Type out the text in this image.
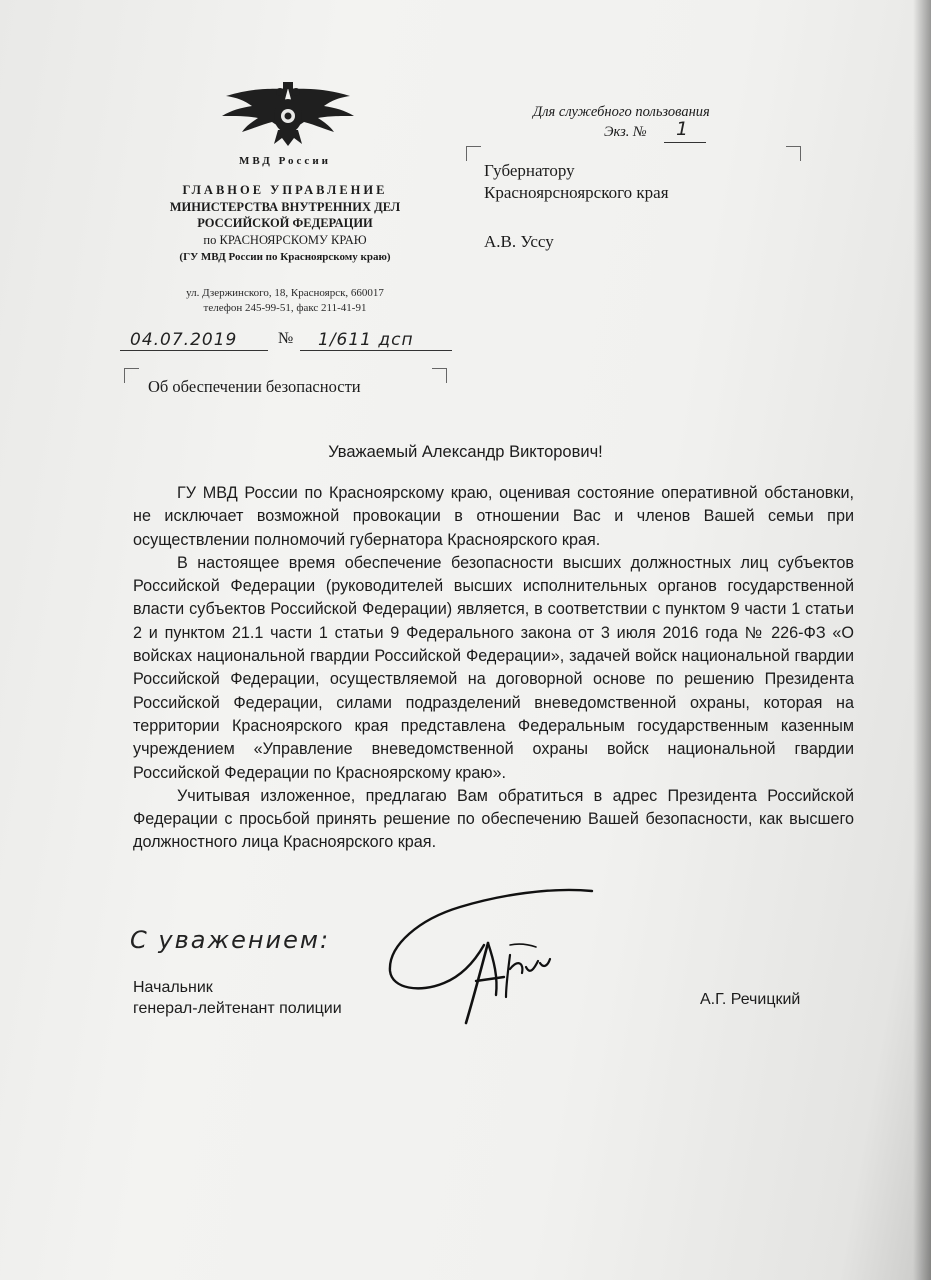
МВД России
ГЛАВНОЕ УПРАВЛЕНИЕ
МИНИСТЕРСТВА ВНУТРЕННИХ ДЕЛ
РОССИЙСКОЙ ФЕДЕРАЦИИ
по КРАСНОЯРСКОМУ КРАЮ
(ГУ МВД России по Красноярскому краю)
ул. Дзержинского, 18, Красноярск, 660017
телефон 245-99-51, факс 211-41-91
04.07.2019	№ 1/611 дсп
Об обеспечении безопасности
Для служебного пользования
Экз. № 1
Губернатору
Краснояpсноярского края
А.В. Уссу
Уважаемый Александр Викторович!

ГУ МВД России по Красноярскому краю, оценивая состояние оперативной обстановки, не исключает возможной провокации в отношении Вас и членов Вашей семьи при осуществлении полномочий губернатора Красноярского края.

В настоящее время обеспечение безопасности высших должностных лиц субъектов Российской Федерации (руководителей высших исполнительных органов государственной власти субъектов Российской Федерации) является, в соответствии с пунктом 9 части 1 статьи 2 и пунктом 21.1 части 1 статьи 9 Федерального закона от 3 июля 2016 года № 226-ФЗ «О войсках национальной гвардии Российской Федерации», задачей войск национальной гвардии Российской Федерации, осуществляемой на договорной основе по решению Президента Российской Федерации, силами подразделений вневедомственной охраны, которая на территории Красноярского края представлена Федеральным государственным казенным учреждением «Управление вневедомственной охраны войск национальной гвардии Российской Федерации по Красноярскому краю».

Учитывая изложенное, предлагаю Вам обратиться в адрес Президента Российской Федерации с просьбой принять решение по обеспечению Вашей безопасности, как высшего должностного лица Красноярского края.

С уважением:
Начальник
генерал-лейтенант полиции
А.Г. Речицкий
